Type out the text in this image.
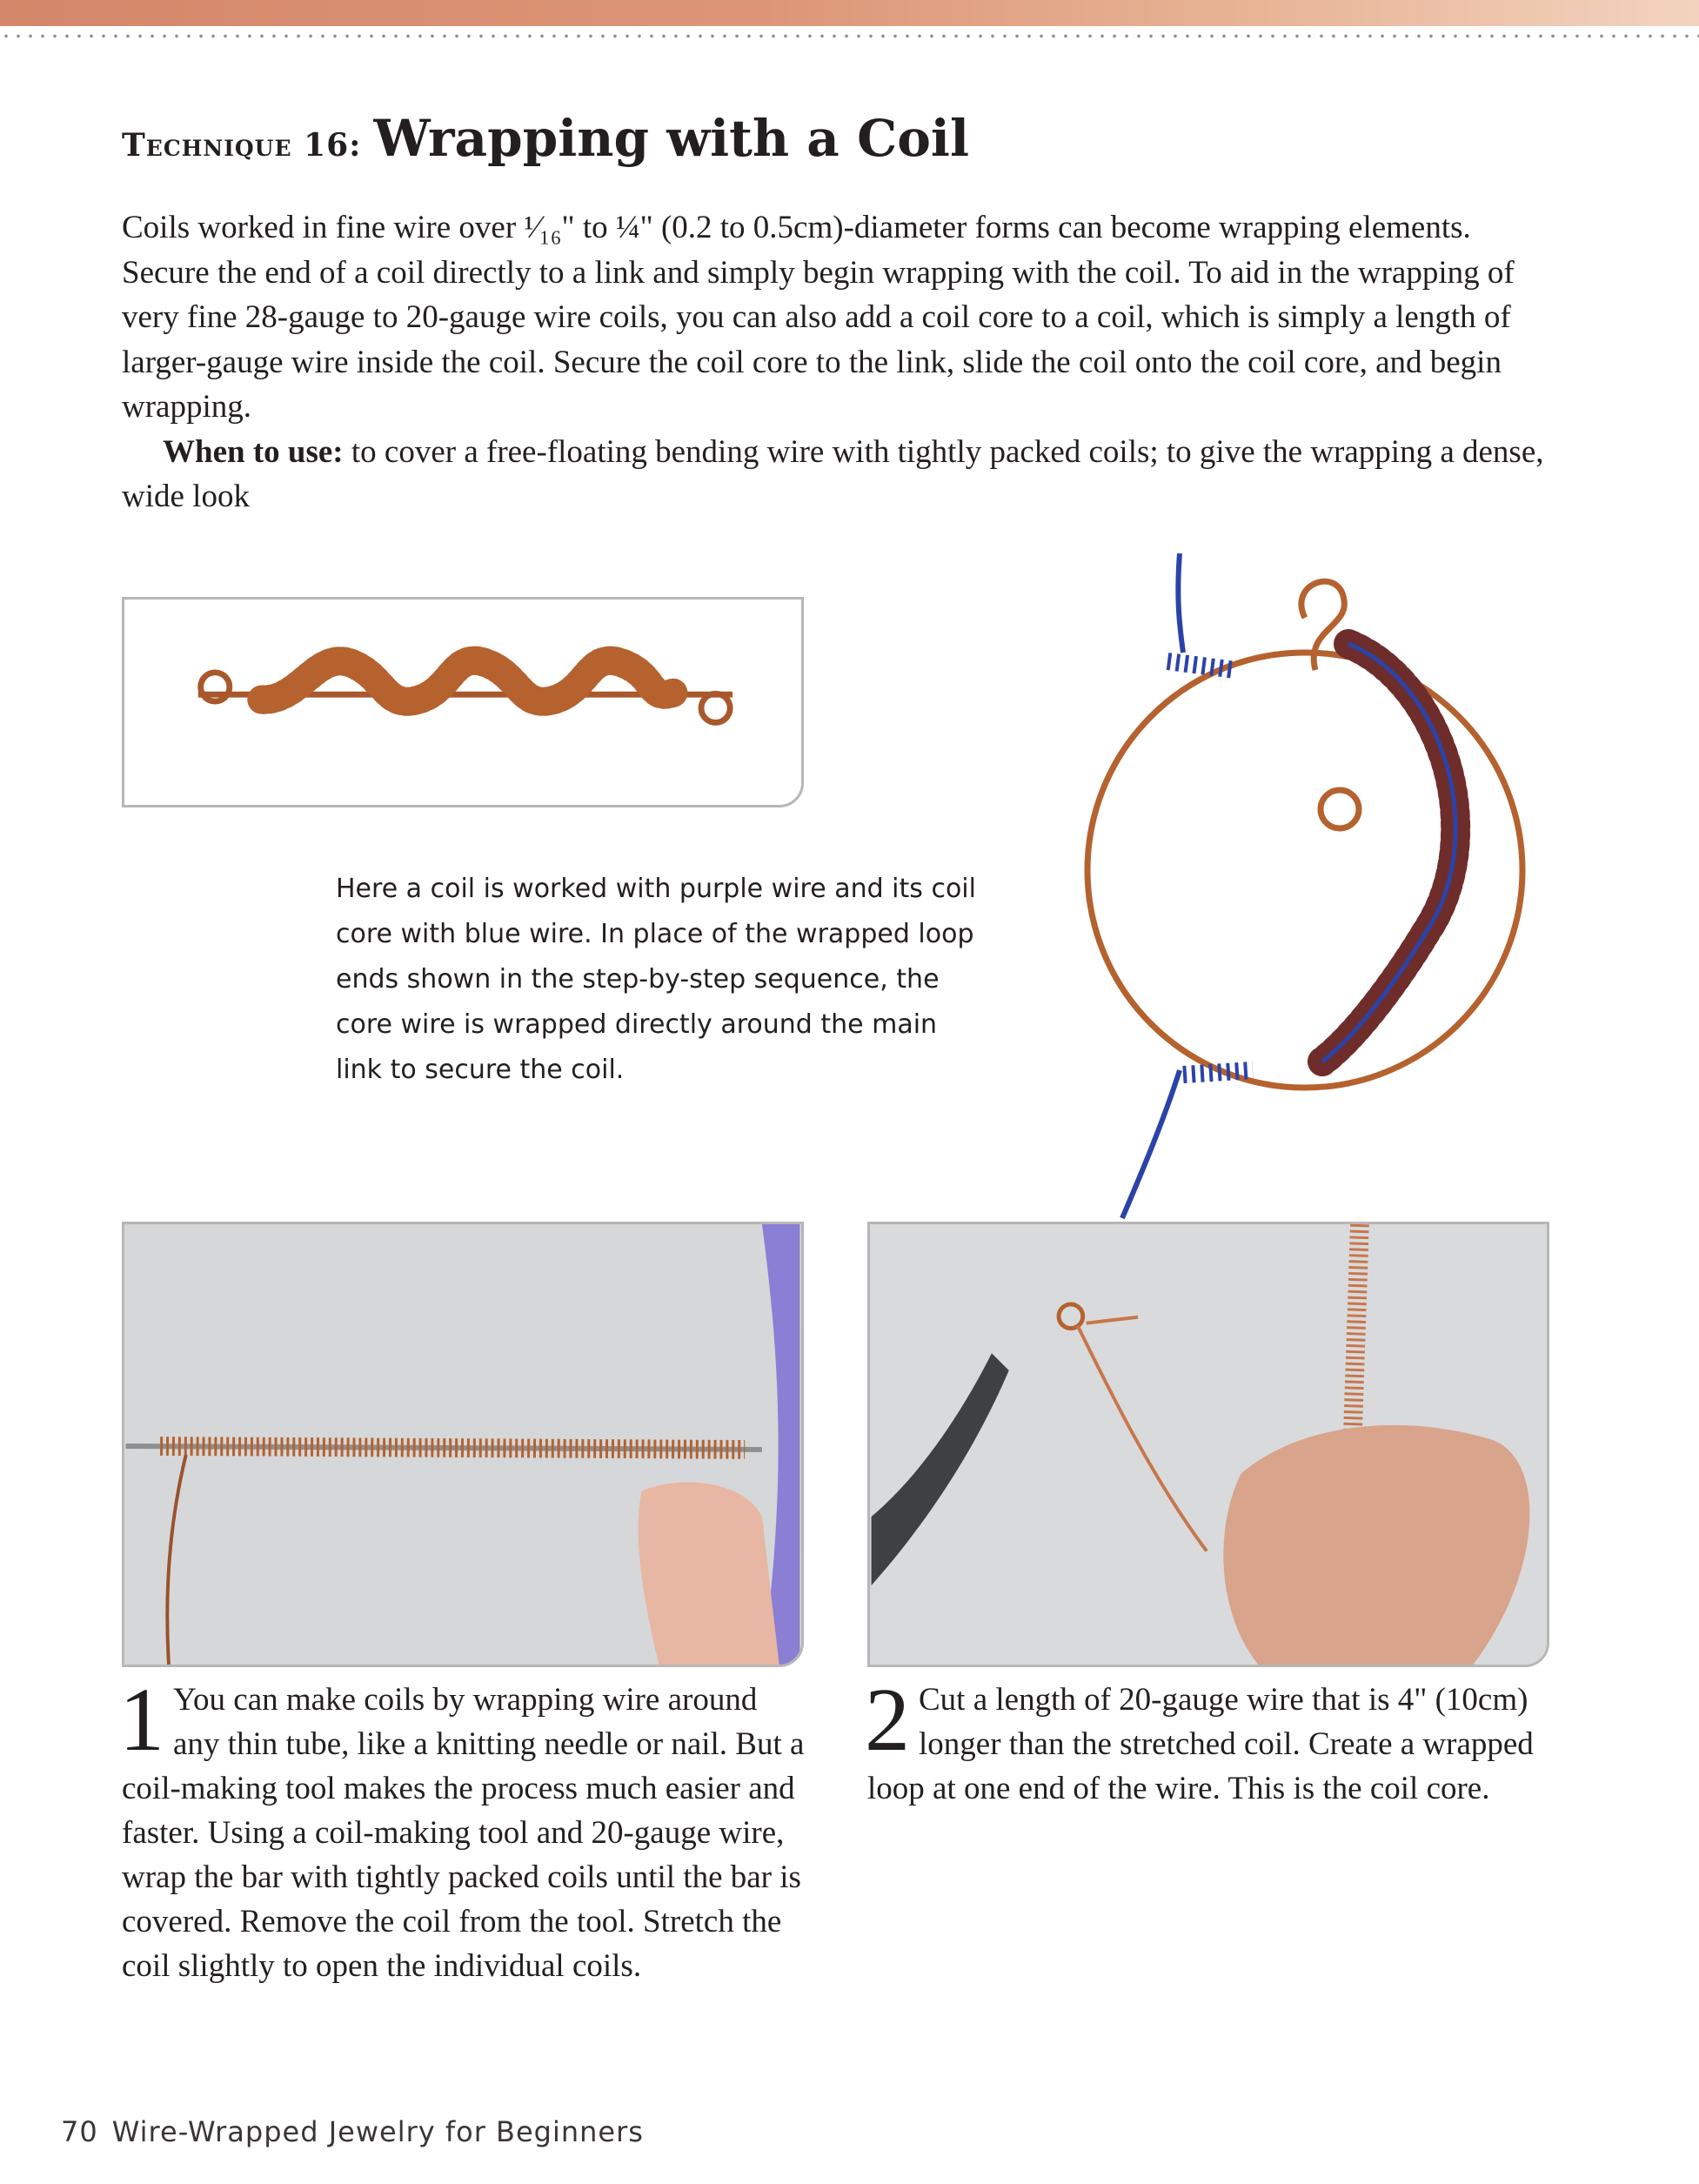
Technique 16: Wrapping with a Coil

Coils worked in fine wire over ¹⁄₁₆" to ¼" (0.2 to 0.5cm)-diameter forms can become wrapping elements. Secure the end of a coil directly to a link and simply begin wrapping with the coil. To aid in the wrapping of very fine 28-gauge to 20-gauge wire coils, you can also add a coil core to a coil, which is simply a length of larger-gauge wire inside the coil. Secure the coil core to the link, slide the coil onto the coil core, and begin wrapping.

When to use: to cover a free-floating bending wire with tightly packed coils; to give the wrapping a dense, wide look

Here a coil is worked with purple wire and its coil core with blue wire. In place of the wrapped loop ends shown in the step-by-step sequence, the core wire is wrapped directly around the main link to secure the coil.
1 You can make coils by wrapping wire around any thin tube, like a knitting needle or nail. But a coil-making tool makes the process much easier and faster. Using a coil-making tool and 20-gauge wire, wrap the bar with tightly packed coils until the bar is covered. Remove the coil from the tool. Stretch the coil slightly to open the individual coils.

2 Cut a length of 20-gauge wire that is 4" (10cm) longer than the stretched coil. Create a wrapped loop at one end of the wire. This is the coil core.

70 Wire-Wrapped Jewelry for Beginners
